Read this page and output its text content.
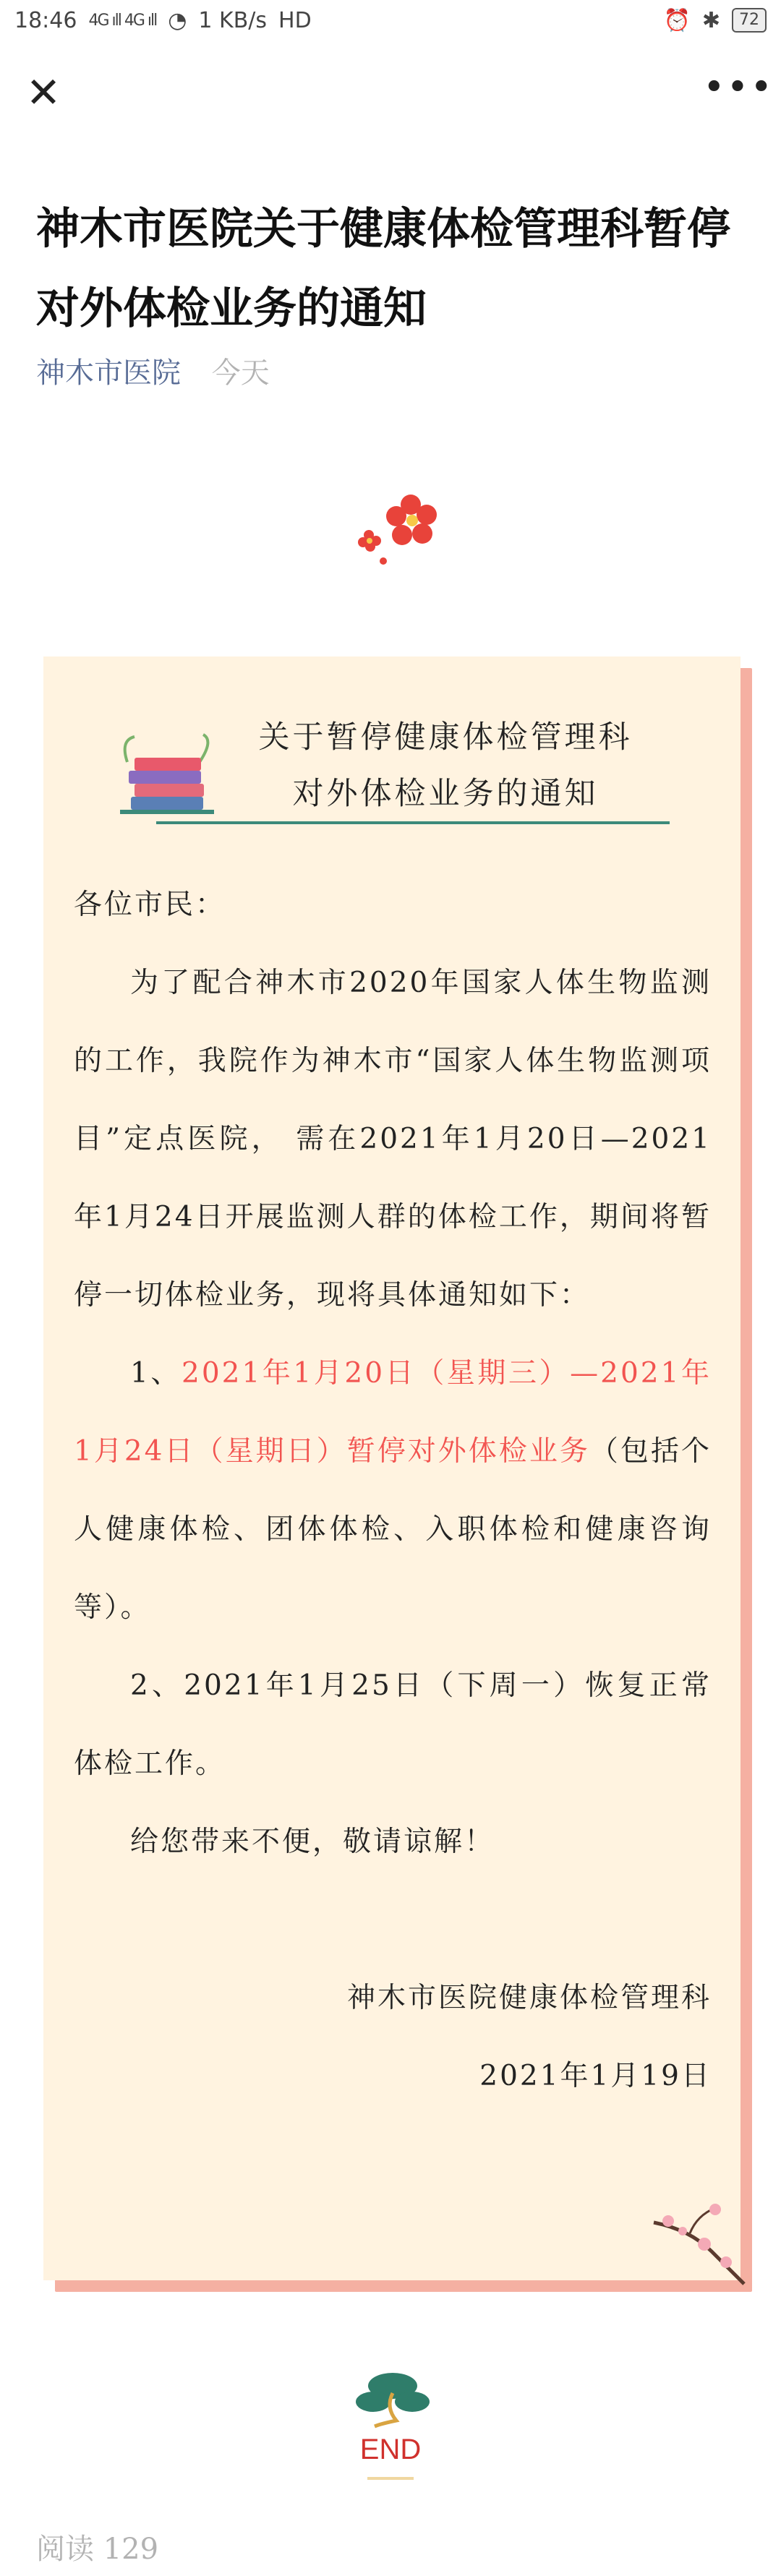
18:46 4G ıll 4G ıll ◔ 1 KB/s HD	⏰ ✱	72
✕	•••
神木市医院关于健康体检管理科暂停对外体检业务的通知
神木市医院 今天
关于暂停健康体检管理科
对外体检业务的通知

各位市民：

为了配合神木市2020年国家人体生物监测的工作，我院作为神木市“国家人体生物监测项目”定点医院， 需在2021年1月20日—2021年1月24日开展监测人群的体检工作，期间将暂停一切体检业务，现将具体通知如下：

1、2021年1月20日（星期三）—2021年1月24日（星期日）暂停对外体检业务（包括个人健康体检、团体体检、入职体检和健康咨询等）。

2、2021年1月25日（下周一）恢复正常体检工作。

给您带来不便，敬请谅解！

神木市医院健康体检管理科

2021年1月19日

END
阅读 129
